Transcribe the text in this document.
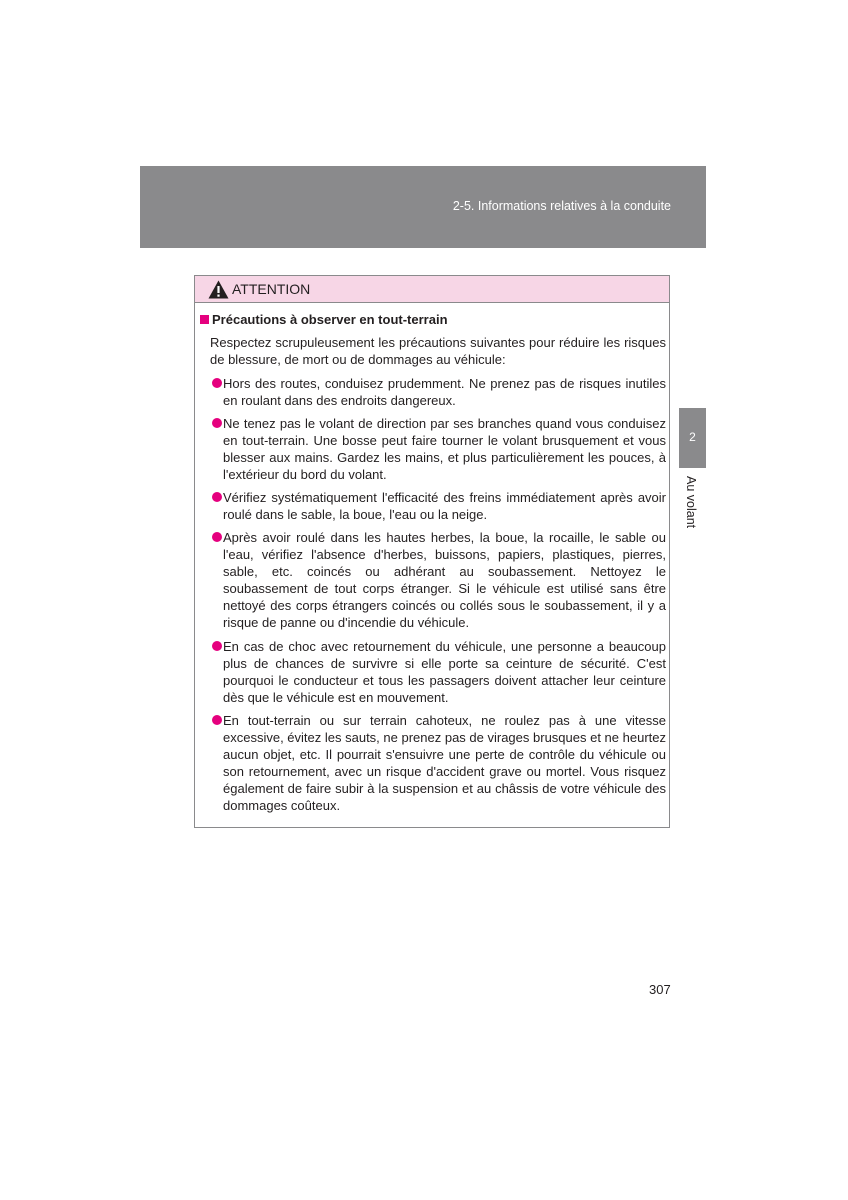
2-5. Informations relatives à la conduite
2
Au volant
ATTENTION
Précautions à observer en tout-terrain
Respectez scrupuleusement les précautions suivantes pour réduire les risques de blessure, de mort ou de dommages au véhicule:
Hors des routes, conduisez prudemment. Ne prenez pas de risques inutiles en roulant dans des endroits dangereux.
Ne tenez pas le volant de direction par ses branches quand vous conduisez en tout-terrain. Une bosse peut faire tourner le volant brusquement et vous blesser aux mains. Gardez les mains, et plus particulièrement les pouces, à l'extérieur du bord du volant.
Vérifiez systématiquement l'efficacité des freins immédiatement après avoir roulé dans le sable, la boue, l'eau ou la neige.
Après avoir roulé dans les hautes herbes, la boue, la rocaille, le sable ou l'eau, vérifiez l'absence d'herbes, buissons, papiers, plastiques, pierres, sable, etc. coincés ou adhérant au soubassement. Nettoyez le soubassement de tout corps étranger. Si le véhicule est utilisé sans être nettoyé des corps étrangers coincés ou collés sous le soubassement, il y a risque de panne ou d'incendie du véhicule.
En cas de choc avec retournement du véhicule, une personne a beaucoup plus de chances de survivre si elle porte sa ceinture de sécurité. C'est pourquoi le conducteur et tous les passagers doivent attacher leur ceinture dès que le véhicule est en mouvement.
En tout-terrain ou sur terrain cahoteux, ne roulez pas à une vitesse excessive, évitez les sauts, ne prenez pas de virages brusques et ne heurtez aucun objet, etc. Il pourrait s'ensuivre une perte de contrôle du véhicule ou son retournement, avec un risque d'accident grave ou mortel. Vous risquez également de faire subir à la suspension et au châssis de votre véhicule des dommages coûteux.
307
